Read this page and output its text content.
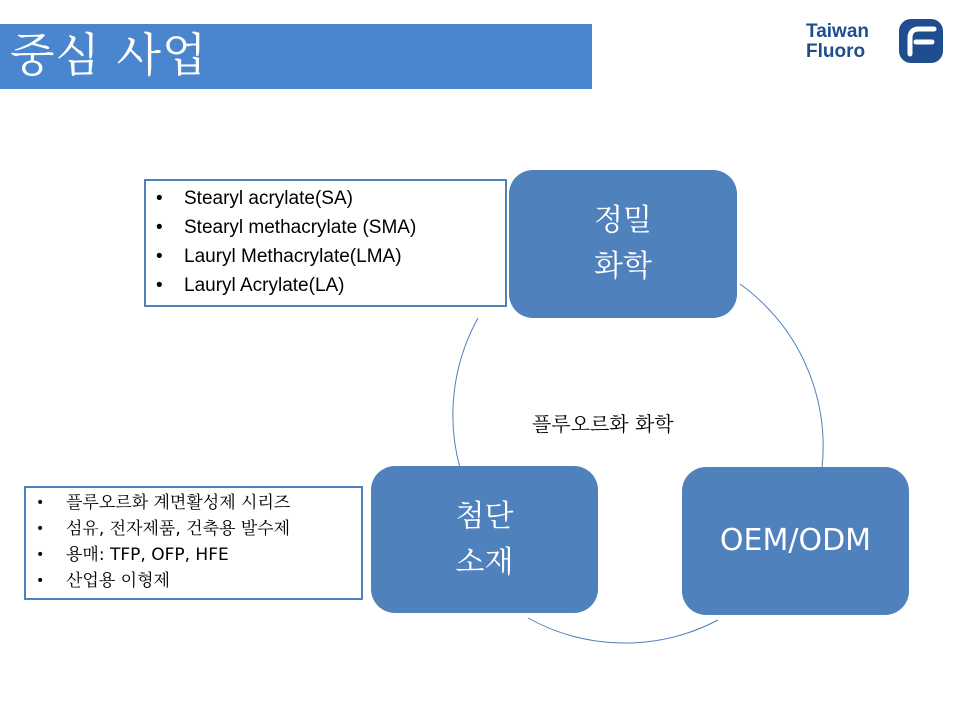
중심 사업	Taiwan
Fluoro
정밀
화학
OEM/ODM
첨단
소재
플루오르화 화학
• Stearyl acrylate(SA)
• Stearyl methacrylate (SMA)
• Lauryl Methacrylate(LMA)
• Lauryl Acrylate(LA)
• 플루오르화 계면활성제 시리즈
• 섬유, 전자제품, 건축용 발수제
• 용매: TFP, OFP, HFE
• 산업용 이형제
